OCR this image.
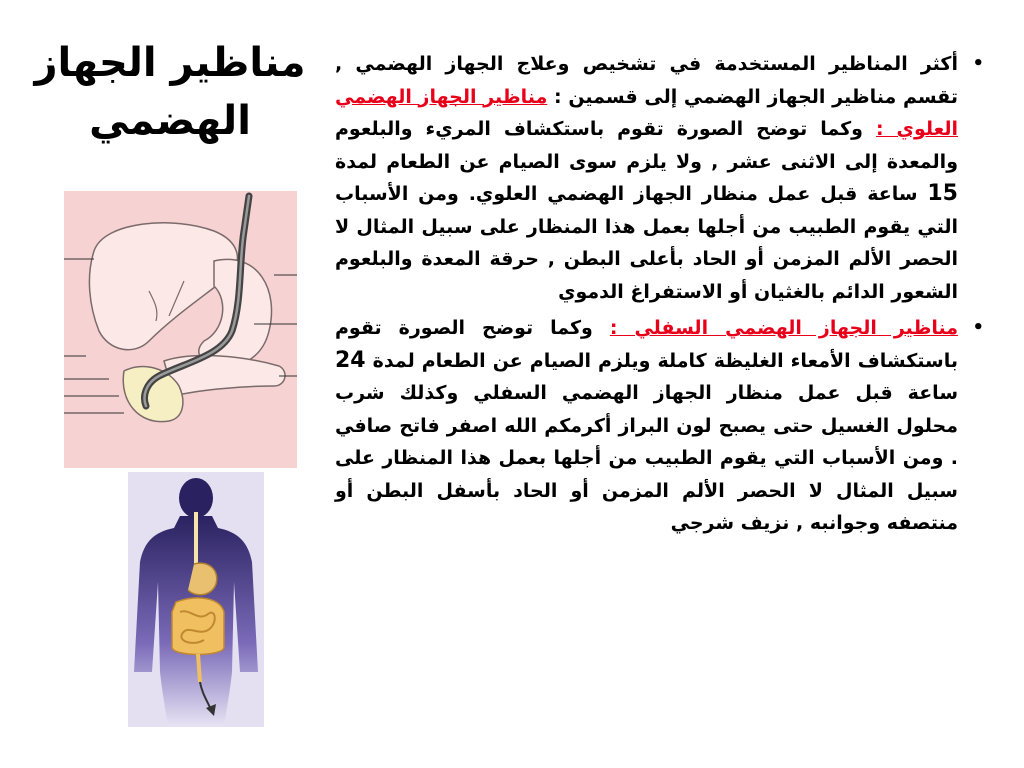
مناظير الجهاز
الهضمي

•
أكثر المناظير المستخدمة في تشخيص وعلاج الجهاز الهضمي , تقسم مناظير الجهاز الهضمي إلى قسمين : مناظير الجهاز الهضمي العلوي : وكما توضح الصورة تقوم باستكشاف المريء والبلعوم والمعدة إلى الاثنى عشر , ولا يلزم سوى الصيام عن الطعام لمدة 15 ساعة قبل عمل منظار الجهاز الهضمي العلوي. ومن الأسباب التي يقوم الطبيب من أجلها بعمل هذا المنظار على سبيل المثال لا الحصر الألم المزمن أو الحاد بأعلى البطن , حرقة المعدة والبلعوم الشعور الدائم بالغثيان أو الاستفراغ الدموي

•
مناظير الجهاز الهضمي السفلي : وكما توضح الصورة تقوم باستكشاف الأمعاء الغليظة كاملة ويلزم الصيام عن الطعام لمدة 24 ساعة قبل عمل منظار الجهاز الهضمي السفلي وكذلك شرب محلول الغسيل حتى يصبح لون البراز أكرمكم الله اصفر فاتح صافي . ومن الأسباب التي يقوم الطبيب من أجلها بعمل هذا المنظار على سبيل المثال لا الحصر الألم المزمن أو الحاد بأسفل البطن أو منتصفه وجوانبه , نزيف شرجي
